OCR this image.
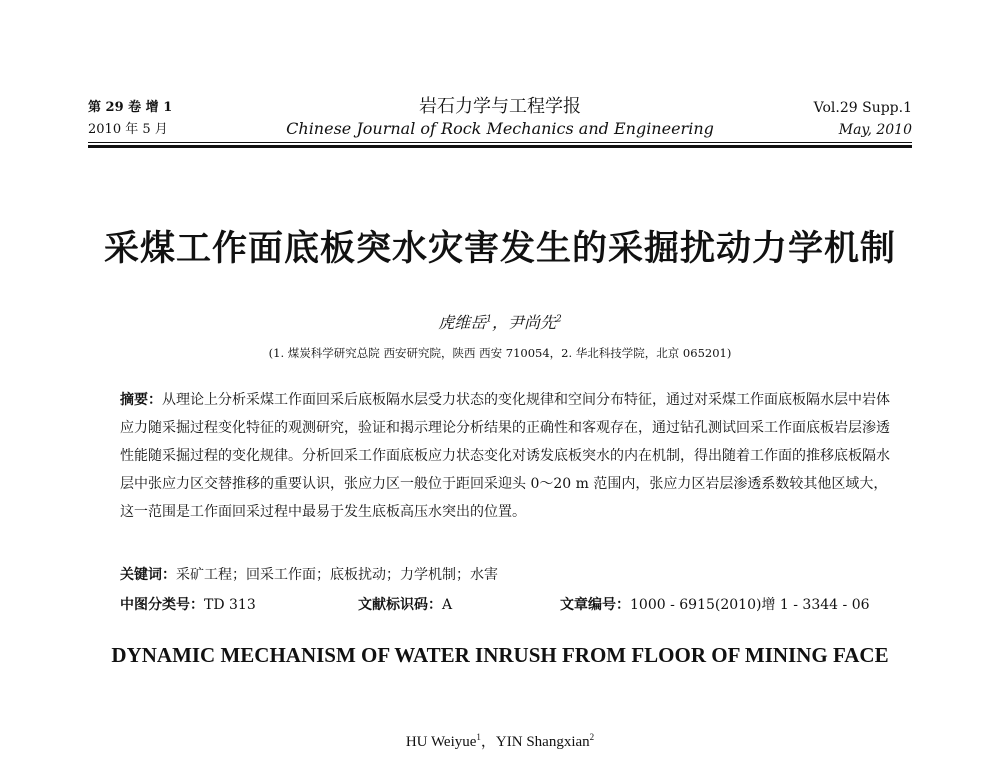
第 29 卷 增 1
2010 年 5 月
岩石力学与工程学报
Chinese Journal of Rock Mechanics and Engineering
Vol.29 Supp.1
May, 2010
采煤工作面底板突水灾害发生的采掘扰动力学机制
虎维岳$^1$，尹尚先$^2$
(1. 煤炭科学研究总院 西安研究院，陕西 西安 710054，2. 华北科技学院，北京 065201)
摘要：从理论上分析采煤工作面回采后底板隔水层受力状态的变化规律和空间分布特征，通过对采煤工作面底板隔水层中岩体应力随采掘过程变化特征的观测研究，验证和揭示理论分析结果的正确性和客观存在，通过钻孔测试回采工作面底板岩层渗透性能随采掘过程的变化规律。分析回采工作面底板应力状态变化对诱发底板突水的内在机制，得出随着工作面的推移底板隔水层中张应力区交替推移的重要认识，张应力区一般位于距回采迎头 0～20 m 范围内，张应力区岩层渗透系数较其他区域大，这一范围是工作面回采过程中最易于发生底板高压水突出的位置。
关键词：采矿工程；回采工作面；底板扰动；力学机制；水害
中图分类号：TD 313	文献标识码：A	文章编号：1000 - 6915(2010)增 1 - 3344 - 06
DYNAMIC MECHANISM OF WATER INRUSH FROM FLOOR OF MINING FACE
HU Weiyue$^1$，YIN Shangxian$^2$
